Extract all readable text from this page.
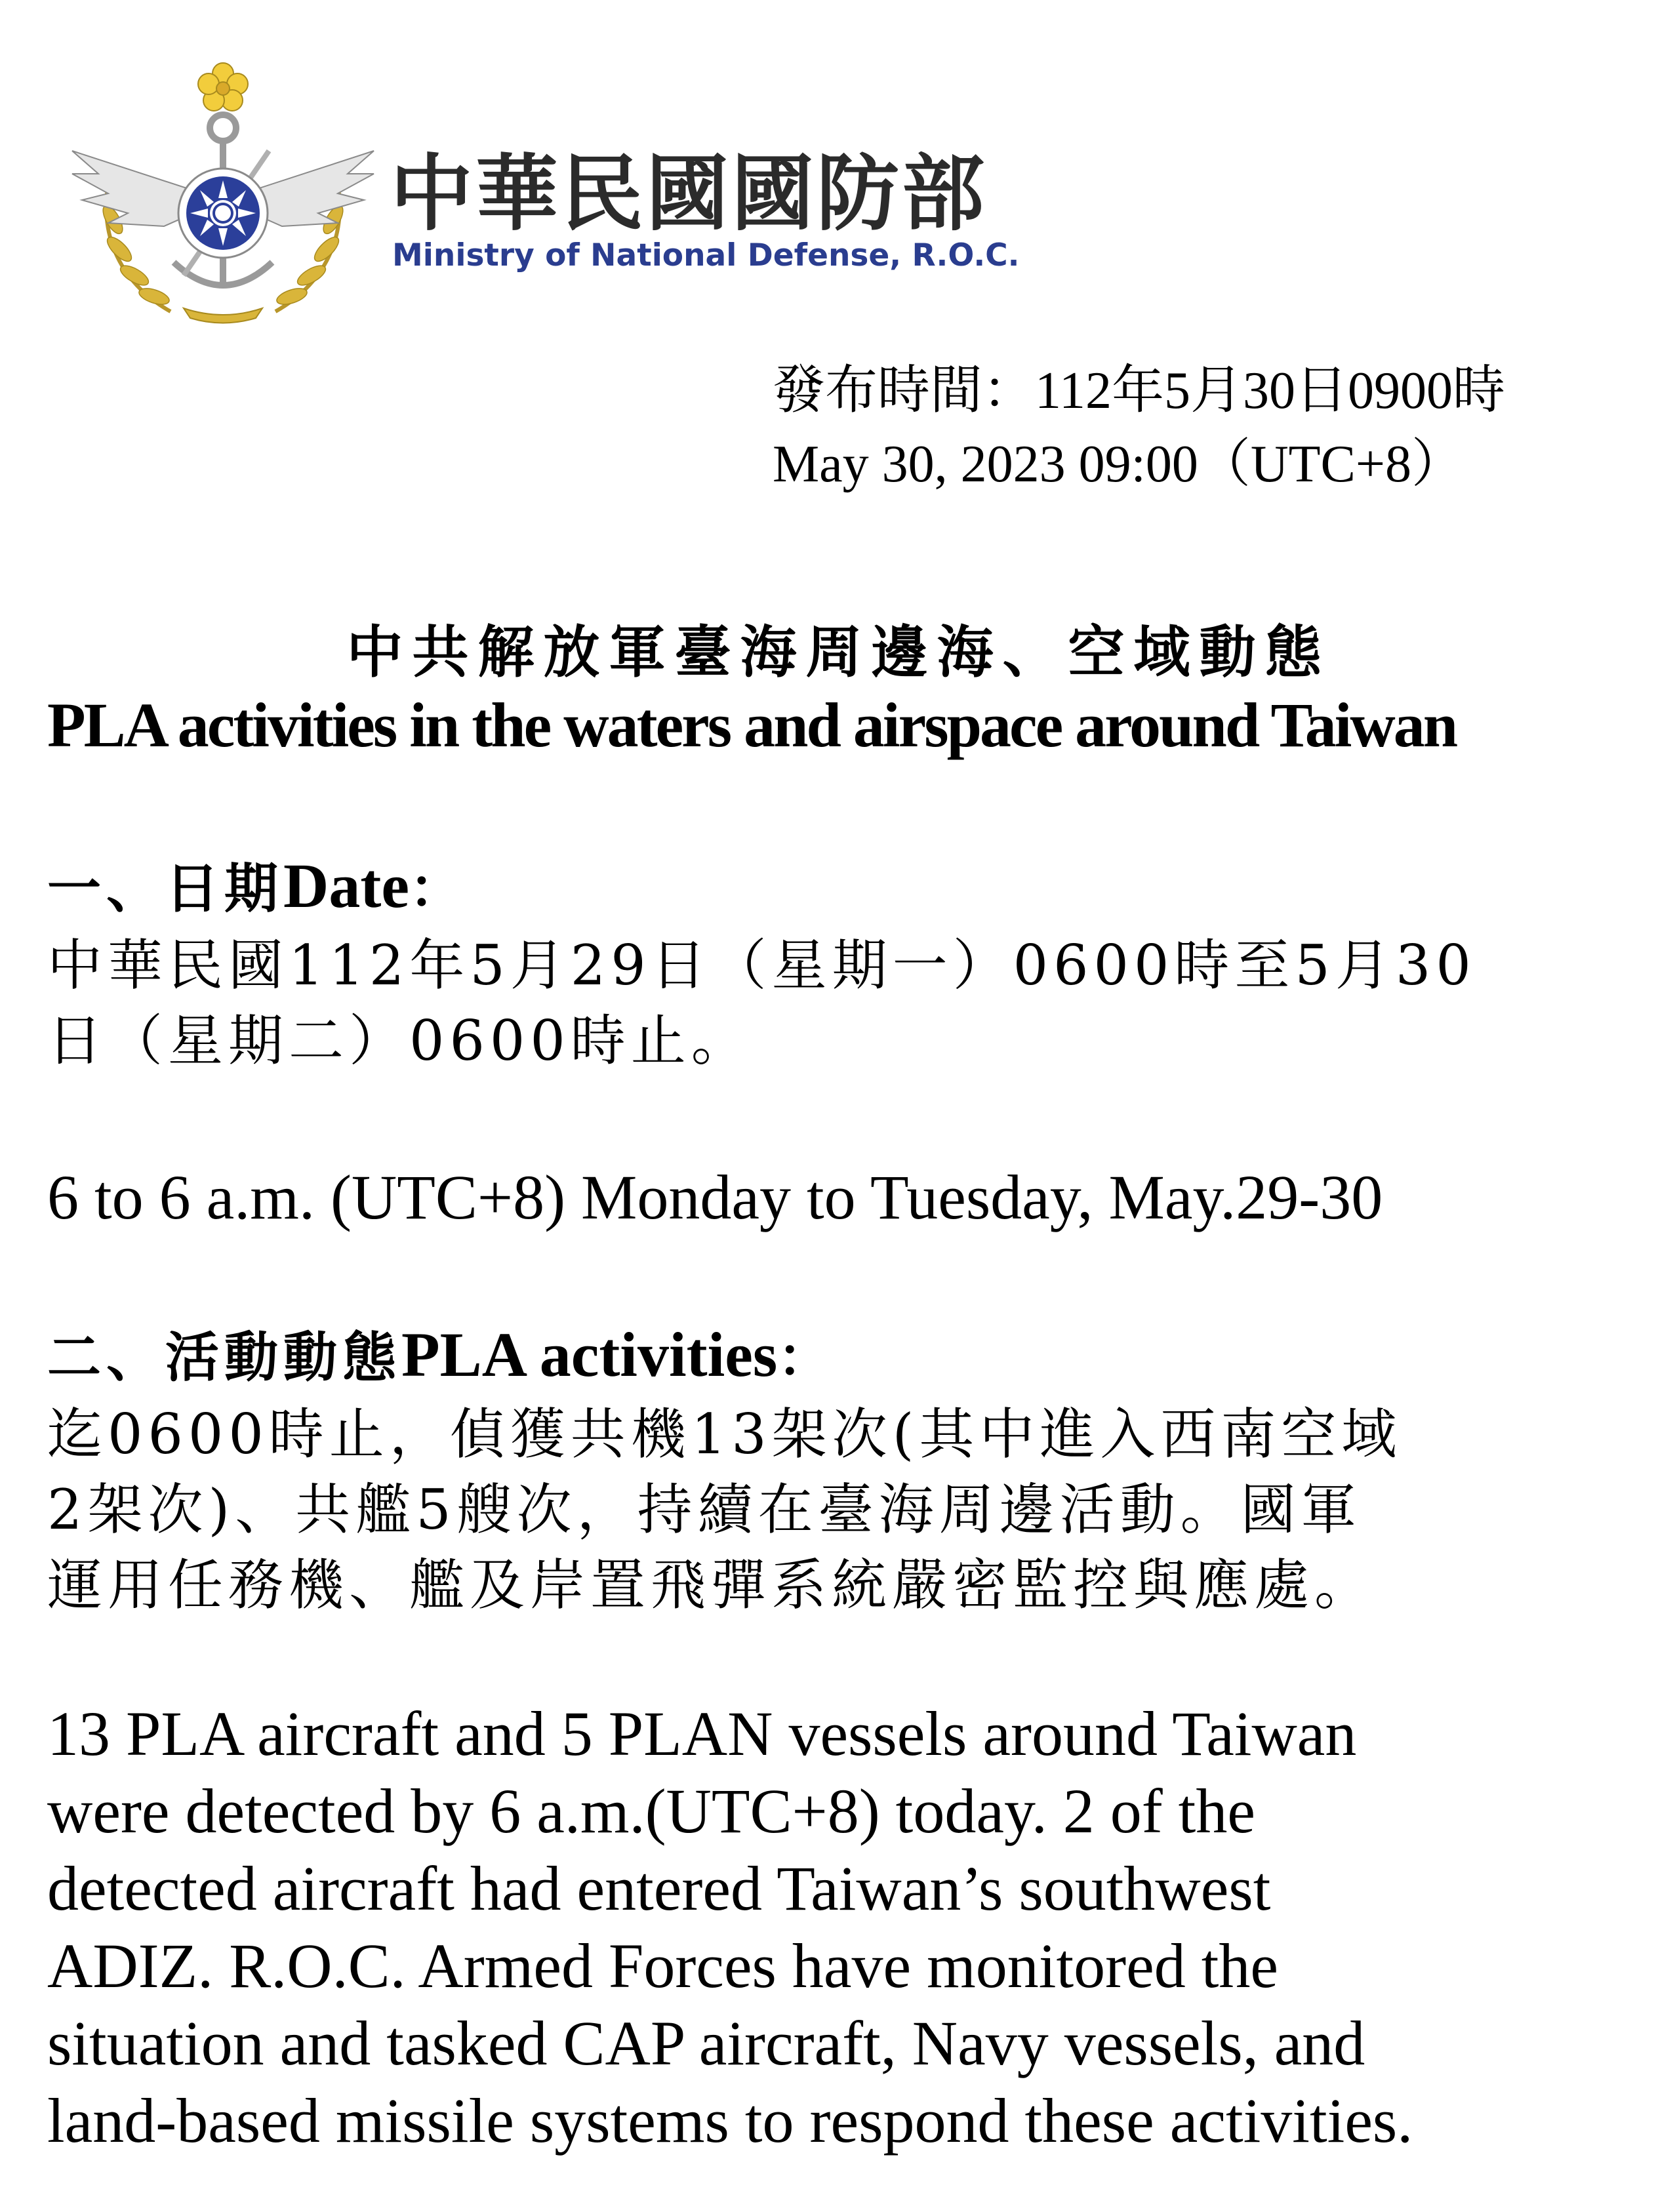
中華民國國防部
Ministry of National Defense, R.O.C.
發布時間：112年5月30日0900時
May 30, 2023 09:00（UTC+8）
中共解放軍臺海周邊海、空域動態
PLA activities in the waters and airspace around Taiwan
一、日期Date：
中華民國112年5月29日（星期一）0600時至5月30
日（星期二）0600時止。
6 to 6 a.m. (UTC+8) Monday to Tuesday, May.29-30
二、活動動態PLA activities：
迄0600時止，偵獲共機13架次(其中進入西南空域
2架次)、共艦5艘次，持續在臺海周邊活動。國軍
運用任務機、艦及岸置飛彈系統嚴密監控與應處。
13 PLA aircraft and 5 PLAN vessels around Taiwan
were detected by 6 a.m.(UTC+8) today. 2 of the
detected aircraft had entered Taiwan’s southwest
ADIZ. R.O.C. Armed Forces have monitored the
situation and tasked CAP aircraft, Navy vessels, and
land-based missile systems to respond these activities.
